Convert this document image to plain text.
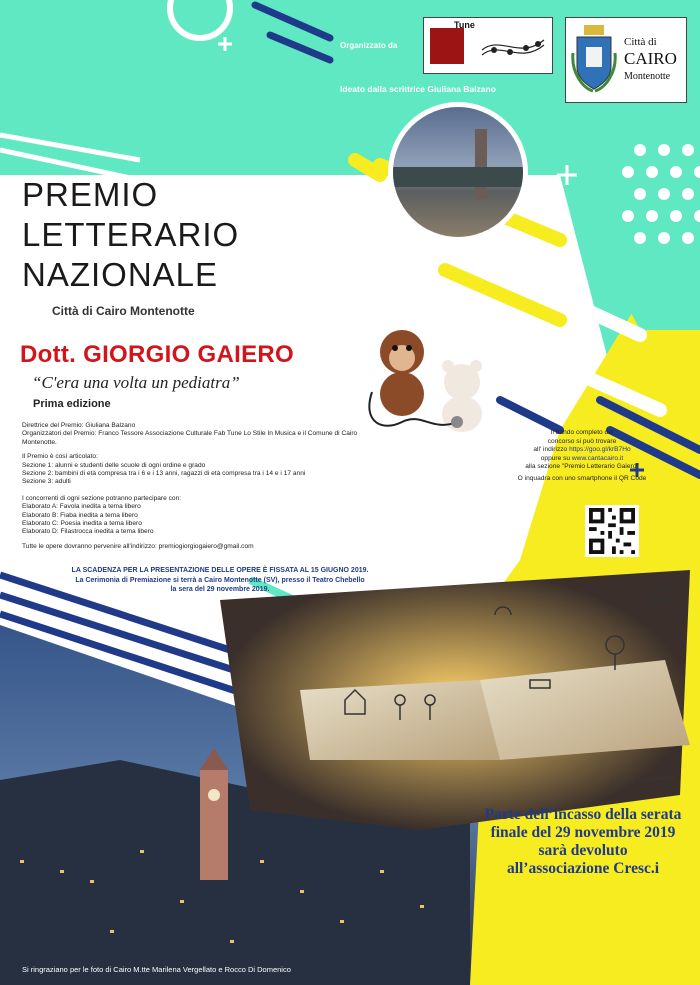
Organizzato da
Tune
Ideato dalla scrittrice Giuliana Balzano
Città di
CAIRO
Montenotte
PREMIO
LETTERARIO
NAZIONALE
Città di Cairo Montenotte
Dott. GIORGIO GAIERO
“C'era una volta un pediatra”
Prima edizione

Direttrice del Premio: Giuliana Balzano

Organizzatori del Premio: Franco Tessore Associazione Culturale Fab Tune Lo Stile In Musica e il Comune di Cairo Montenotte.

Il Premio è così articolato:

Sezione 1: alunni e studenti delle scuole di ogni ordine e grado

Sezione 2: bambini di età compresa tra i 6 e i 13 anni, ragazzi di età compresa tra i 14 e i 17 anni

Sezione 3: adulti

I concorrenti di ogni sezione potranno partecipare con:

Elaborato A: Favola inedita a tema libero

Elaborato B: Fiaba inedita a tema libero

Elaborato C: Poesia inedita a tema libero

Elaborato D: Filastrocca inedita a tema libero

Tutte le opere dovranno pervenire all'indirizzo: premiogiorgiogaiero@gmail.com

LA SCADENZA PER LA PRESENTAZIONE DELLE OPERE È FISSATA AL 15 GIUGNO 2019.
La Cerimonia di Premiazione si terrà a Cairo Montenotte (SV), presso il Teatro Chebello
la sera del 29 novembre 2019.
Il bando completo del
concorso si può trovare
all' indirizzo https://goo.gl/krB7Ho
oppure su www.cantacairo.it
alla sezione "Premio Letterario Gaiero"
O inquadra con uno smartphone il QR Code
Parte dell’incasso della serata
finale del 29 novembre 2019
sarà devoluto
all’associazione Cresc.i
Grafica di Aldo Giannizzi
Si ringraziano per le foto di Cairo M.tte Marilena Vergellato e Rocco Di Domenico
